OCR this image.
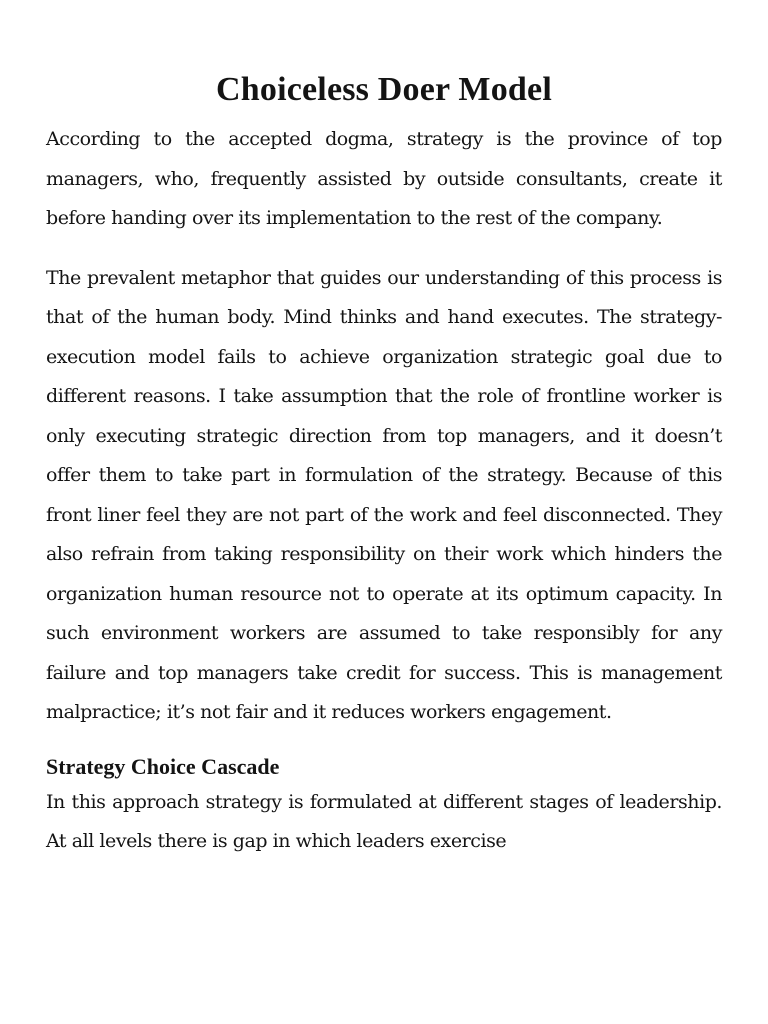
Choiceless Doer Model

According to the accepted dogma, strategy is the province of top managers, who, frequently assisted by outside consultants, create it before handing over its implementation to the rest of the company.

The prevalent metaphor that guides our understanding of this process is that of the human body. Mind thinks and hand executes. The strategy-execution model fails to achieve organization strategic goal due to different reasons. I take assumption that the role of frontline worker is only executing strategic direction from top managers, and it doesn’t offer them to take part in formulation of the strategy. Because of this front liner feel they are not part of the work and feel disconnected. They also refrain from taking responsibility on their work which hinders the organization human resource not to operate at its optimum capacity. In such environment workers are assumed to take responsibly for any failure and top managers take credit for success. This is management malpractice; it’s not fair and it reduces workers engagement.

Strategy Choice Cascade

In this approach strategy is formulated at different stages of leadership. At all levels there is gap in which leaders exercise
